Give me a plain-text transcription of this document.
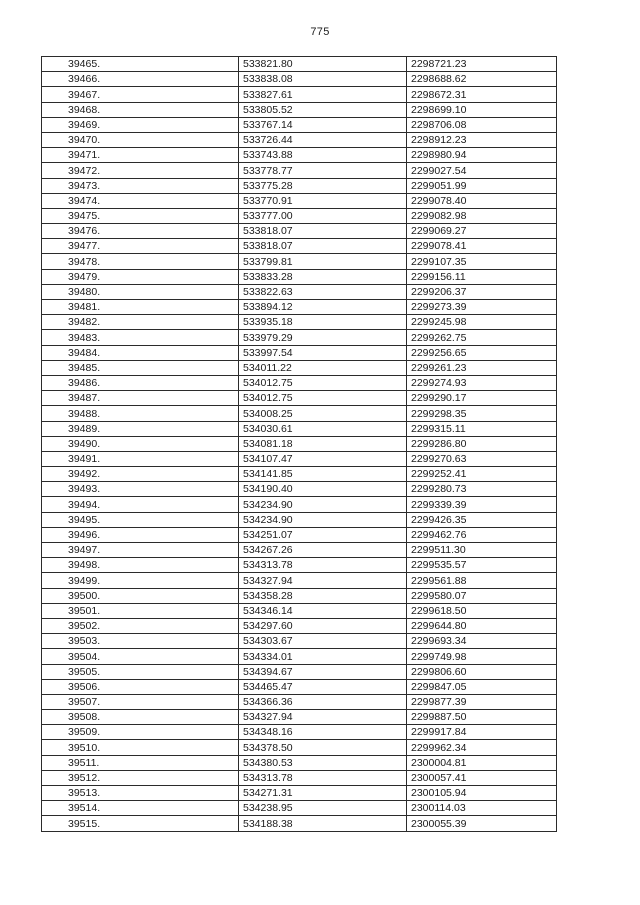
775
39465.	533821.80	2298721.23
39466.	533838.08	2298688.62
39467.	533827.61	2298672.31
39468.	533805.52	2298699.10
39469.	533767.14	2298706.08
39470.	533726.44	2298912.23
39471.	533743.88	2298980.94
39472.	533778.77	2299027.54
39473.	533775.28	2299051.99
39474.	533770.91	2299078.40
39475.	533777.00	2299082.98
39476.	533818.07	2299069.27
39477.	533818.07	2299078.41
39478.	533799.81	2299107.35
39479.	533833.28	2299156.11
39480.	533822.63	2299206.37
39481.	533894.12	2299273.39
39482.	533935.18	2299245.98
39483.	533979.29	2299262.75
39484.	533997.54	2299256.65
39485.	534011.22	2299261.23
39486.	534012.75	2299274.93
39487.	534012.75	2299290.17
39488.	534008.25	2299298.35
39489.	534030.61	2299315.11
39490.	534081.18	2299286.80
39491.	534107.47	2299270.63
39492.	534141.85	2299252.41
39493.	534190.40	2299280.73
39494.	534234.90	2299339.39
39495.	534234.90	2299426.35
39496.	534251.07	2299462.76
39497.	534267.26	2299511.30
39498.	534313.78	2299535.57
39499.	534327.94	2299561.88
39500.	534358.28	2299580.07
39501.	534346.14	2299618.50
39502.	534297.60	2299644.80
39503.	534303.67	2299693.34
39504.	534334.01	2299749.98
39505.	534394.67	2299806.60
39506.	534465.47	2299847.05
39507.	534366.36	2299877.39
39508.	534327.94	2299887.50
39509.	534348.16	2299917.84
39510.	534378.50	2299962.34
39511.	534380.53	2300004.81
39512.	534313.78	2300057.41
39513.	534271.31	2300105.94
39514.	534238.95	2300114.03
39515.	534188.38	2300055.39
